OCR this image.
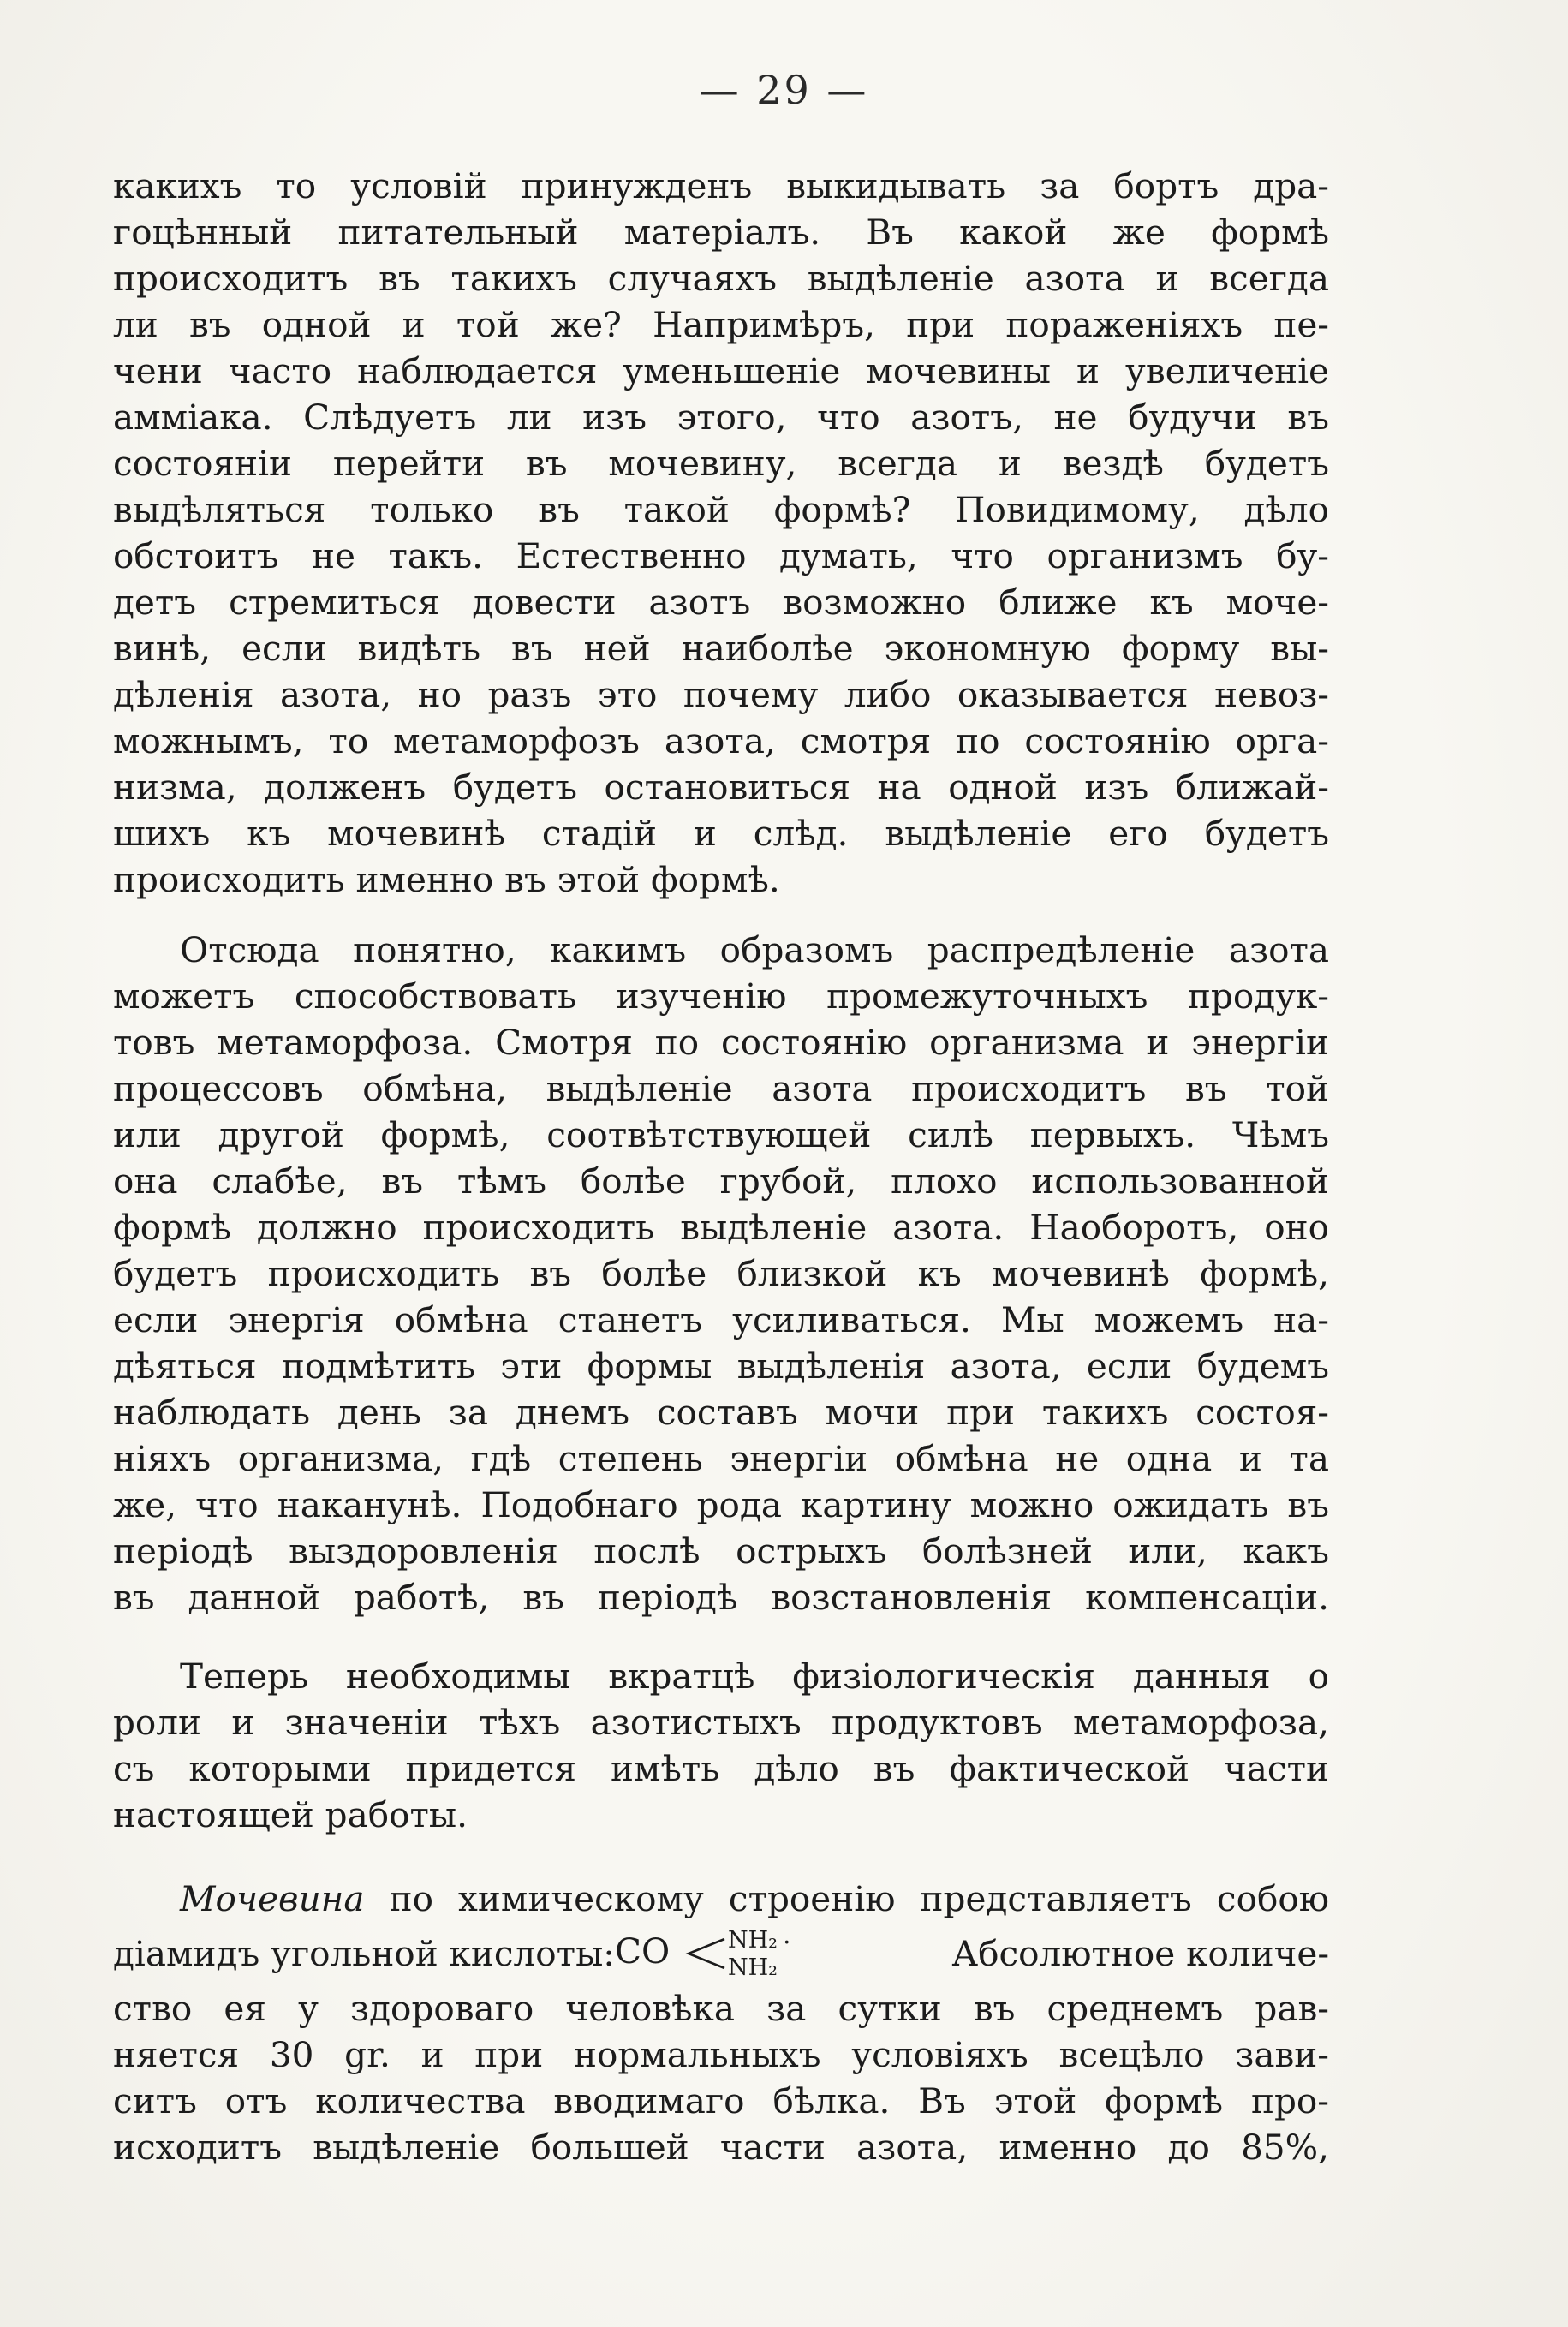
— 29 —
какихъ то условій принужденъ выкидывать за бортъ дра-
гоцѣнный питательный матеріалъ. Въ какой же формѣ
происходитъ въ такихъ случаяхъ выдѣленіе азота и всегда
ли въ одной и той же? Напримѣръ, при пораженіяхъ пе-
чени часто наблюдается уменьшеніе мочевины и увеличеніе
амміака. Слѣдуетъ ли изъ этого, что азотъ, не будучи въ
состояніи перейти въ мочевину, всегда и вездѣ будетъ
выдѣляться только въ такой формѣ? Повидимому, дѣло
обстоитъ не такъ. Естественно думать, что организмъ бу-
детъ стремиться довести азотъ возможно ближе къ моче-
винѣ, если видѣть въ ней наиболѣе экономную форму вы-
дѣленія азота, но разъ это почему либо оказывается невоз-
можнымъ, то метаморфозъ азота, смотря по состоянію орга-
низма, долженъ будетъ остановиться на одной изъ ближай-
шихъ къ мочевинѣ стадій и слѣд. выдѣленіе его будетъ
происходить именно въ этой формѣ.
Отсюда понятно, какимъ образомъ распредѣленіе азота
можетъ способствовать изученію промежуточныхъ продук-
товъ метаморфоза. Смотря по состоянію организма и энергіи
процессовъ обмѣна, выдѣленіе азота происходитъ въ той
или другой формѣ, соотвѣтствующей силѣ первыхъ. Чѣмъ
она слабѣе, въ тѣмъ болѣе грубой, плохо использованной
формѣ должно происходить выдѣленіе азота. Наоборотъ, оно
будетъ происходить въ болѣе близкой къ мочевинѣ формѣ,
если энергія обмѣна станетъ усиливаться. Мы можемъ на-
дѣяться подмѣтить эти формы выдѣленія азота, если будемъ
наблюдать день за днемъ составъ мочи при такихъ состоя-
ніяхъ организма, гдѣ степень энергіи обмѣна не одна и та
же, что наканунѣ. Подобнаго рода картину можно ожидать въ
періодѣ выздоровленія послѣ острыхъ болѣзней или, какъ
въ данной работѣ, въ періодѣ возстановленія компенсаціи.
Теперь необходимы вкратцѣ физіологическія данныя о
роли и значеніи тѣхъ азотистыхъ продуктовъ метаморфоза,
съ которыми придется имѣть дѣло въ фактической части
настоящей работы.
Мочевина по химическому строенію представляетъ собою
діамидъ угольной кислоты: CO	NH₂
NH₂
·	Абсолютное количе-
ство ея у здороваго человѣка за сутки въ среднемъ рав-
няется 30 gr. и при нормальныхъ условіяхъ всецѣло зави-
ситъ отъ количества вводимаго бѣлка. Въ этой формѣ про-
исходитъ выдѣленіе большей части азота, именно до 85%,
